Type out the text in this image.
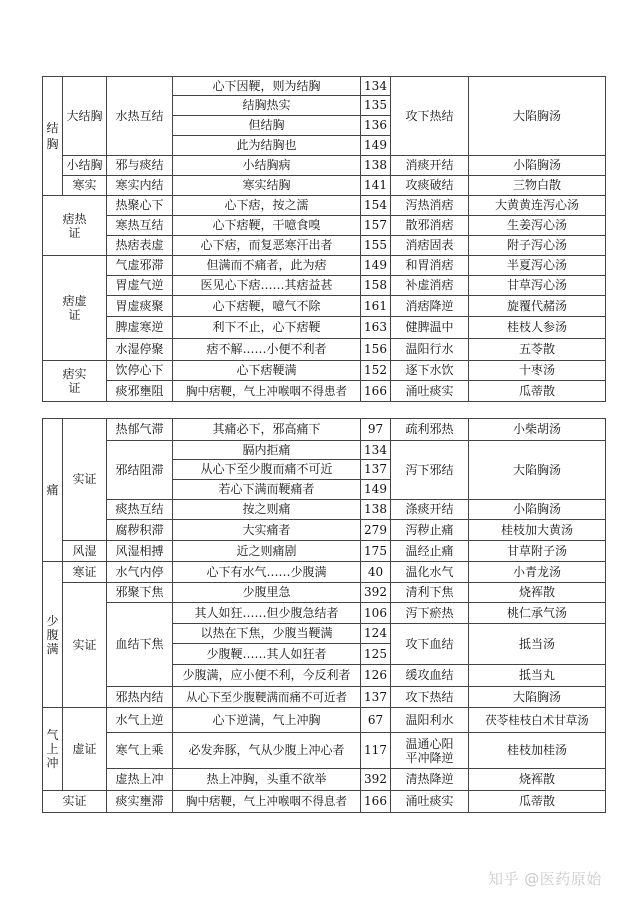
结胸	大结胸	水热互结	心下因鞕，则为结胸	134	攻下热结	大陷胸汤
			结胸热实	135		
			但结胸	136		
			此为结胸也	149		
	小结胸	邪与痰结	小结胸病	138	消痰开结	小陷胸汤
	寒实	寒实内结	寒实结胸	141	攻痰破结	三物白散
痞热证		热聚心下	心下痞，按之濡	154	泻热消痞	大黄黄连泻心汤
		寒热互结	心下痞鞕，干噫食嗅	157	散邪消痞	生姜泻心汤
		热痞表虚	心下痞，而复恶寒汗出者	155	消痞固表	附子泻心汤
痞虚证		气虚邪滞	但满而不痛者，此为痞	149	和胃消痞	半夏泻心汤
		胃虚气逆	医见心下痞……其痞益甚	158	补虚消痞	甘草泻心汤
		胃虚痰聚	心下痞鞕，噫气不除	161	消痞降逆	旋覆代赭汤
		脾虚寒逆	利下不止，心下痞鞕	163	健脾温中	桂枝人参汤
		水湿停聚	痞不解……小便不利者	156	温阳行水	五苓散
痞实证		饮停心下	心下痞鞕满	152	逐下水饮	十枣汤
		痰邪壅阻	胸中痞鞕，气上冲喉咽不得患者	166	涌吐痰实	瓜蒂散
痛	实证	热郁气滞	其痛必下，邪高痛下	97	疏利邪热	小柴胡汤
		邪结阻滞	膈内拒痛	134	泻下邪结	大陷胸汤
			从心下至少腹而痛不可近	137		
			若心下满而鞕痛者	149		
		痰热互结	按之则痛	138	涤痰开结	小陷胸汤
		腐秽积滞	大实痛者	279	泻秽止痛	桂枝加大黄汤
	风湿	风湿相搏	近之则痛剧	175	温经止痛	甘草附子汤
少腹满	寒证	水气内停	心下有水气……少腹满	40	温化水气	小青龙汤
	实证	邪聚下焦	少腹里急	392	清利下焦	烧裈散
		血结下焦	其人如狂……但少腹急结者	106	泻下瘀热	桃仁承气汤
			以热在下焦，少腹当鞕满	124	攻下血结	抵当汤
			少腹鞕……其人如狂者	125		
			少腹满，应小便不利，今反利者	126	缓攻血结	抵当丸
		邪热内结	从心下至少腹鞕满而痛不可近者	137	攻下热结	大陷胸汤
气上冲	虚证	水气上逆	心下逆满，气上冲胸	67	温阳利水	茯苓桂枝白术甘草汤
		寒气上乘	必发奔豚，气从少腹上冲心者	117	温通心阳平冲降逆	桂枝加桂汤
		虚热上冲	热上冲胸，头重不欲举	392	清热降逆	烧裈散
实证		痰实壅滞	胸中痞鞕，气上冲喉咽不得息者	166	涌吐痰实	瓜蒂散
知乎 @医药原始
